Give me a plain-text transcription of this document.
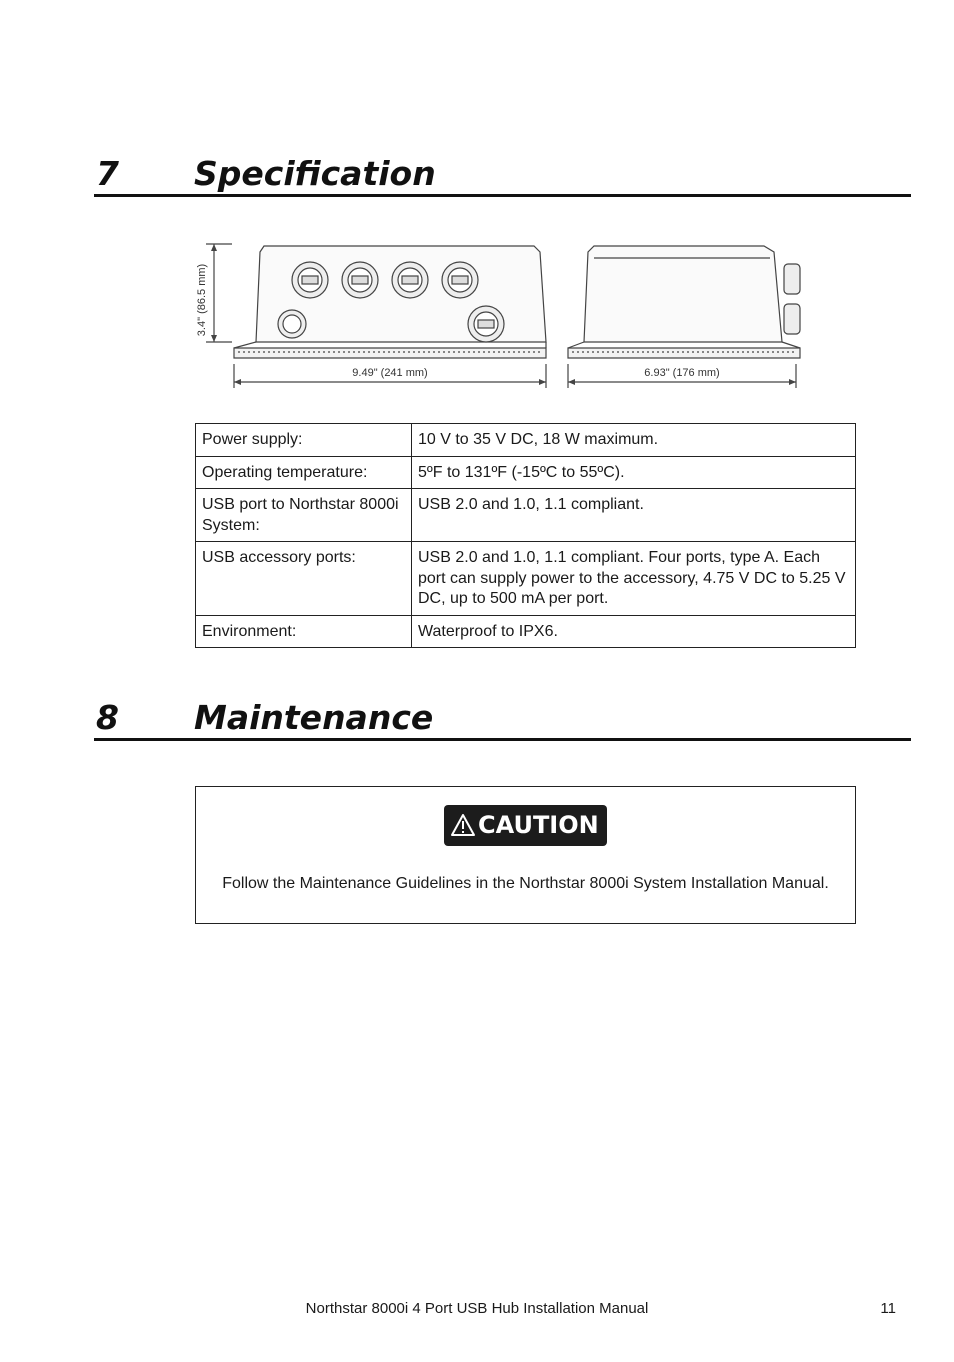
7 Specification
3.4" (86.5 mm)
9.49" (241 mm)	6.93" (176 mm)
Power supply:	10 V to 35 V DC, 18 W maximum.
Operating temperature:	5ºF to 131ºF (-15ºC to 55ºC).
USB port to Northstar 8000i System:	USB 2.0 and 1.0, 1.1 compliant.
USB accessory ports:	USB 2.0 and 1.0, 1.1 compliant. Four ports, type A. Each port can supply power to the accessory, 4.75 V DC to 5.25 V DC, up to 500 mA per port.
Environment:	Waterproof to IPX6.
8 Maintenance
CAUTION
Follow the Maintenance Guidelines in the Northstar 8000i System Installation Manual.
Northstar 8000i 4 Port USB Hub Installation Manual	11
